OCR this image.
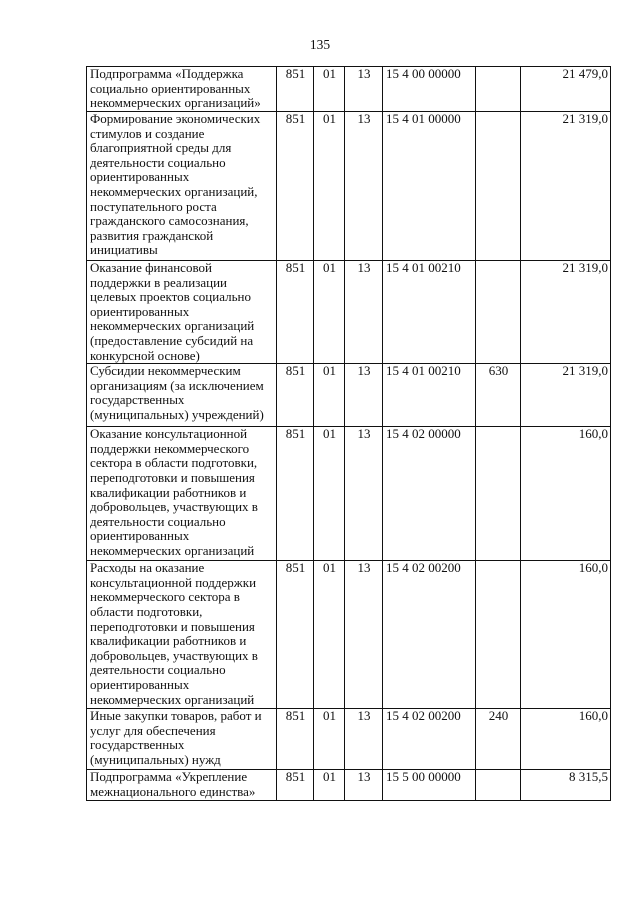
135
Подпрограмма «Поддержка социально ориентированных некоммерческих организаций»	851	01	13	15 4 00 00000		21 479,0
Формирование экономических стимулов и создание благоприятной среды для деятельности социально ориентированных некоммерческих организаций, поступательного роста гражданского самосознания, развития гражданской инициативы	851	01	13	15 4 01 00000		21 319,0
Оказание финансовой поддержки в реализации целевых проектов социально ориентированных некоммерческих организаций (предоставление субсидий на конкурсной основе)	851	01	13	15 4 01 00210		21 319,0
Субсидии некоммерческим организациям (за исключением государственных (муниципальных) учреждений)	851	01	13	15 4 01 00210	630	21 319,0
Оказание консультационной поддержки некоммерческого сектора в области подготовки, переподготовки и повышения квалификации работников и добровольцев, участвующих в деятельности социально ориентированных некоммерческих организаций	851	01	13	15 4 02 00000		160,0
Расходы на оказание консультационной поддержки некоммерческого сектора в области подготовки, переподготовки и повышения квалификации работников и добровольцев, участвующих в деятельности социально ориентированных некоммерческих организаций	851	01	13	15 4 02 00200		160,0
Иные закупки товаров, работ и услуг для обеспечения государственных (муниципальных) нужд	851	01	13	15 4 02 00200	240	160,0
Подпрограмма «Укрепление межнационального единства»	851	01	13	15 5 00 00000		8 315,5
